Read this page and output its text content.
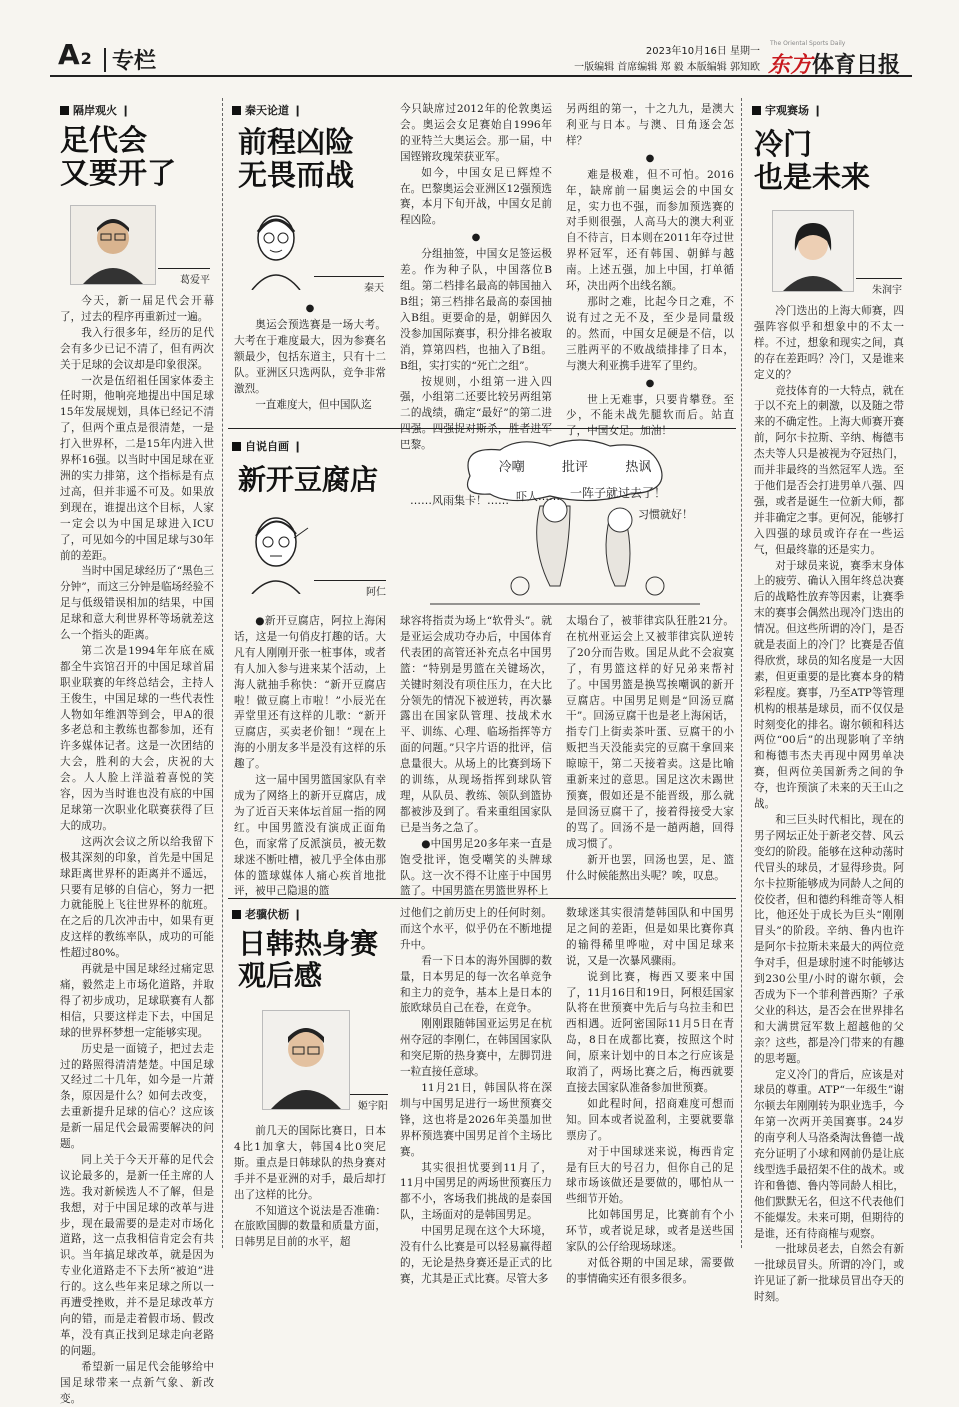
A2 专栏	2023年10月16日 星期一
一版编辑 首席编辑 郑 毅 本版编辑 郭知欧
The Oriental Sports Daily
东方体育日报
隔岸观火 ❙
足代会
又要开了
葛爱平

今天，新一届足代会开幕了，过去的程序再重新过一遍。

我入行很多年，经历的足代会有多少已记不清了，但有两次关于足球的会议却是印象很深。

一次是伍绍祖任国家体委主任时期，他响亮地提出中国足球15年发展规划，具体已经记不清了，但两个重点是很清楚，一是打入世界杯，二是15年内进入世界杯16强。以当时中国足球在亚洲的实力排第，这个指标是有点过高，但并非遥不可及。如果放到现在，谁提出这个目标，人家一定会以为中国足球进入ICU了，可见如今的中国足球与30年前的差距。

当时中国足球经历了“黑色三分钟”，而这三分钟是临场经验不足与低级错误相加的结果，中国足球和意大利世界杯等场就差这么一个指头的距离。

第二次是1994年年底在威都全牛宾馆召开的中国足球首届职业联赛的年终总结会，主持人王俊生，中国足球的一些代表性人物如年维泗等到会，甲A的很多老总和主教练也都参加，还有许多媒体记者。这是一次团结的大会，胜利的大会，庆祝的大会。人人脸上洋溢着喜悦的笑容，因为当时谁也没有底的中国足球第一次职业化联赛获得了巨大的成功。

这两次会议之所以给我留下极其深刻的印象，首先是中国足球距离世界杯的距离并不遥远，只要有足够的自信心，努力一把力就能脱上飞往世界杯的航班。在之后的几次冲击中，如果有更皮这样的教练率队，成功的可能性超过80%。

再就是中国足球经过痛定思痛，毅然走上市场化道路，并取得了初步成功，足球联赛有人都相信，只要这样走下去，中国足球的世界杯梦想一定能够实现。

历史是一面镜子，把过去走过的路照得清清楚楚。中国足球又经过二十几年，如今是一片萧条，原因是什么？如何去改变，去重新提升足球的信心？这应该是新一届足代会最需要解决的问题。

同上关于今天开幕的足代会议论最多的，是新一任主席的人选。我对新候选人不了解，但是我想，对于中国足球的改革与进步，现在最需要的是走对市场化道路，这一点我相信肯定会有共识。当年搞足球改革，就是因为专业化道路走不下去所“被迫”进行的。这么些年来足球之所以一再遭受挫败，并不是足球改革方向的错，而是走着假市场、假改革，没有真正找到足球走向老路的问题。

希望新一届足代会能够给中国足球带来一点新气象、新改变。

秦天论道 ❙
前程凶险
无畏而战
秦天
●

奥运会预选赛是一场大考。大考在于难度最大，因为参赛名额最少，包括东道主，只有十二队。亚洲区只选两队，竞争非常激烈。

一直难度大，但中国队迄

今只缺席过2012年的伦敦奥运会。奥运会女足赛始自1996年的亚特兰大奥运会。那一届，中国铿锵玫瑰荣获亚军。

如今，中国女足已辉煌不在。巴黎奥运会亚洲区12强预选赛，本月下旬开战，中国女足前程凶险。

●

分组抽签，中国女足签运极差。作为种子队，中国落位B组。第二档排名最高的韩国抽入B组；第三档排名最高的泰国抽入B组。更要命的是，朝鲜因久没参加国际赛事，积分排名被取消，算第四档，也抽入了B组。B组，实打实的“死亡之组”。

按规则，小组第一进入四强，小组第二还要比较另两组第二的战绩，确定“最好”的第二进四强。四强捉对斯杀，胜者进军巴黎。

另两组的第一，十之九九，是澳大利亚与日本。与澳、日角逐会怎样？

●

难是极难，但不可怕。2016年，缺席前一届奥运会的中国女足，实力也不强，而参加预选赛的对手则很强，人高马大的澳大利亚自不待言，日本则在2011年夺过世界杯冠军，还有韩国、朝鲜与越南。上述五强，加上中国，打单循环，决出两个出线名额。

那时之难，比起今日之难，不说有过之无不及，至少是同量级的。然而，中国女足硬是不信，以三胜两平的不败战绩排排了日本，与澳大利亚携手进军了里约。

●

世上无难事，只要肯攀登。至少，不能未战先腿软而后。站直了，中国女足。加油！

自说自画 ❙
新开豆腐店
阿仁
冷嘲	批评	热讽
……风雨集卡！…… 吓人…… 一阵子就过去了！
习惯就好！

●新开豆腐店，阿拉上海闲话，这是一句俏皮打趣的话。大凡有人刚刚开张一桩事体，或者有人加入参与进来某个活动，上海人就抽手称快：“新开豆腐店啦！做豆腐上市啦！”小辰光在弄堂里还有这样的儿歌：“新开豆腐店，买卖老价钿！”现在上海的小朋友多半是没有这样的乐趣了。

这一届中国男篮国家队有幸成为了网络上的新开豆腐店，成为了近百天来体坛首屈一指的网红。中国男篮没有演成正面角色，而家常了反派演员，被无数球迷不断吐槽，被几乎全体由那体的篮球媒体人痛心疾首地批评，被甲己隐退的篮

球容将指责为场上“软骨头”。就是亚运会成功夺办后，中国体育代表团的高管还补充点名中国男篮：“特别是男篮在关键场次，关键时刻没有项住压力，在大比分领先的情况下被逆转，再次暴露出在国家队管理、技战术水平、训练、心理、临场指挥等方面的问题。”只字片语的批评，信息量很大。从场上的比赛到场下的训练，从现场指挥到球队管理，从队员、教练、领队到篮协都被涉及到了。看来重组国家队已是当务之急了。

●中国男足20多年来一直是饱受批评，饱受嘲笑的头牌球队。这一次不得不让座于中国男篮了。中国男篮在男篮世界杯上

太塌台了，被菲律宾队狂胜21分。在杭州亚运会上又被菲律宾队逆转了20分而告败。国足从此不会寂寞了，有男篮这样的好兄弟来帮衬了。中国男篮是换骂挨嘲讽的新开豆腐店。中国男足则是“回汤豆腐干”。回汤豆腐干也是老上海闲话，指专门上街卖茶叶蛋、豆腐干的小贩把当天没能卖完的豆腐干拿回来晾晾干，第二天接着卖。这是比喻重新来过的意思。国足这次未踢世预赛，假如还是不能晋级，那么就是回汤豆腐干了，接着得接受大家的骂了。回汤不是一趟两趟，回得成习惯了。

新开也罢，回汤也罢，足、篮什么时候能熬出头呢？唉，叹息。

老骥伏枥 ❙
日韩热身赛
观后感
姬宇阳

前几天的国际比赛日，日本4比1加拿大，韩国4比0突尼斯。重点是日韩球队的热身赛对手并不是亚洲的对手，最后却打出了这样的比分。

不知道这个说法是否准确：在旅欧国脚的数量和质量方面，日韩男足目前的水平，超

过他们之前历史上的任何时刻。而这个水平，似乎仍在不断地提升中。

看一下日本的海外国脚的数量，日本男足的每一次名单竞争和主力的竞争，基本上是日本的旅欧球员自己在卷，在竞争。

刚刚跟随韩国亚运男足在杭州夺冠的李刚仁，在韩国国家队和突尼斯的热身赛中，左脚罚进一粒直接任意球。

11月21日，韩国队将在深圳与中国男足进行一场世预赛交锋，这也将是2026年美墨加世界杯预选赛中国男足首个主场比赛。

其实很担忧要到11月了，11月中国男足的两场世预赛压力都不小，客场我们挑战的是泰国队，主场面对的是韩国男足。

中国男足现在这个大环境，没有什么比赛是可以轻易赢得超的，无论是热身赛还是正式的比赛，尤其是正式比赛。尽管大多

数球迷其实很清楚韩国队和中国男足之间的差距，但是如果比赛你真的输得稀里哗啦，对中国足球来说，又是一次暴风骤雨。

说到比赛，梅西又要来中国了，11月16日和19日，阿根廷国家队将在世预赛中先后与乌拉圭和巴西相遇。近阿密国际11月5日在青岛，8日在成都比赛，按照这个时间，原来计划中的日本之行应该是取消了，两场比赛之后，梅西就要直接去国家队准备参加世预赛。

如此程时间，招商难度可想而知。回本或者说盈利，主要就要靠票房了。

对于中国球迷来说，梅西肯定是有巨大的号召力，但你自己的足球市场该做还是要做的，哪怕从一些细节开始。

比如韩国男足，比赛前有个小环节，或者说足球，或者是送些国家队的公仔给现场球迷。

对低谷期的中国足球，需要做的事情确实还有很多很多。

宇观赛场 ❙
冷门
也是未来
朱润宇

冷门迭出的上海大师赛，四强阵容似乎和想象中的不太一样。不过，想象和现实之间，真的存在差距吗？冷门，又是谁来定义的？

竞技体育的一大特点，就在于以不充上的刺激，以及随之带来的不确定性。上海大师赛开赛前，阿尔卡拉斯、辛纳、梅德韦杰夫等人只是被视为夺冠热门，而并非最终的当然冠军人选。至于他们是否会打进男单八强、四强，或者是诞生一位新大师，都并非确定之事。更何况，能够打入四强的球员或许存在一些运气，但最终靠的还是实力。

对于球员来说，赛季末身体上的疲劳、确认入围年终总决赛后的战略性放弃等因素，让赛季末的赛事会偶然出现冷门迭出的情况。但这些所谓的冷门，是否就是表面上的冷门？比赛是否值得欣赏，球员的知名度是一大因素，但更重要的是比赛本身的精彩程度。赛事，乃至ATP等管理机构的根基是球员，而不仅仅是时刻变化的排名。谢尔顿和科达两位“00后”的出现影响了辛纳和梅德韦杰夫再现中网男单决赛，但两位美国新秀之间的争夺，也许预演了未来的天王山之战。

和三巨头时代相比，现在的男子网坛正处于新老交替、风云变幻的阶段。能够在这种动荡时代冒头的球员，才显得珍贵。阿尔卡拉斯能够成为同龄人之间的佼佼者，但和德约科维奇等人相比，他还处于成长为巨头“刚刚冒头”的阶段。辛纳、鲁内也许是阿尔卡拉斯未来最大的两位竞争对手，但是球肘速不时能够达到230公里/小时的谢尔顿，会否成为下一个菲利普西斯？子承父业的科达，是否会在世界排名和大满贯冠军数上超越他的父亲？这些，都是冷门带来的有趣的思考题。

定义冷门的背后，应该是对球员的尊重。ATP“一年级生”谢尔顿去年刚刚转为职业选手，今年第一次两开美国赛事。24岁的南亨利人马洛桑淘汰鲁德一战充分证明了小球和网前仍是让底线型选手最招架不住的战术。或许和鲁德、鲁内等同龄人相比，他们默默无名，但这不代表他们不能爆发。未来可期，但期待的是谁，还有待商榷与观察。

一批球员老去，自然会有新一批球员冒头。所谓的冷门，或许见证了新一批球员冒出夺天的时刻。
